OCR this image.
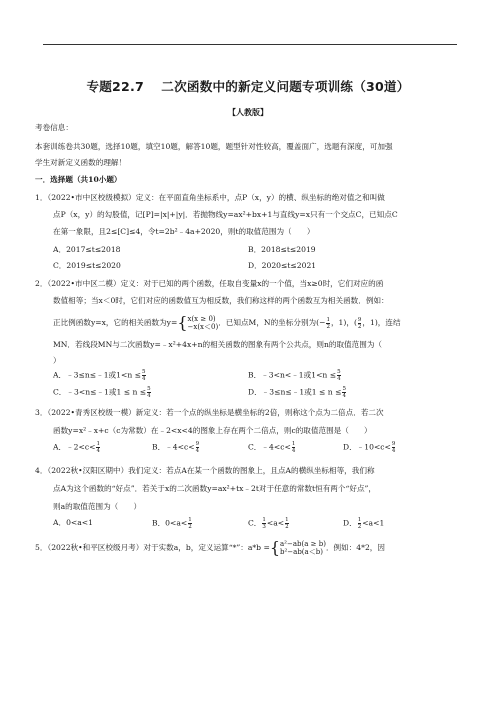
专题22.7　 二次函数中的新定义问题专项训练（30道）
【人教版】
考卷信息：
本套训练卷共30题，选择10题，填空10题，解答10题，题型针对性较高，覆盖面广，选题有深度，可加强
学生对新定义函数的理解！
一．选择题（共10小题）
1．（2022•市中区校级模拟）定义：在平面直角坐标系中，点P（x，y）的横、纵坐标的绝对值之和叫做
点P（x，y）的勾股值，记[P]=|x|+|y|．若抛物线y=ax²+bx+1与直线y=x只有一个交点C，已知点C
在第一象限，且2≤[C]≤4，令t=2b²﹣4a+2020，则t的取值范围为（　　）
A．2017≤t≤2018	B．2018≤t≤2019
C．2019≤t≤2020	D．2020≤t≤2021
2．（2022•市中区二模）定义：对于已知的两个函数，任取自变量x的一个值，当x≥0时，它们对应的函
数值相等；当x＜0时，它们对应的函数值互为相反数，我们称这样的两个函数互为相关函数．例如：
正比例函数y=x，它的相关函数为y={ x(x ≥ 0)
−x(x＜0) ．已知点M，N的坐标分别为(− $\frac{1}{2}$ ，1)，( $\frac{9}{2}$ ，1)，连结
MN．若线段MN与二次函数y=﹣x²+4x+n的相关函数的图象有两个公共点，则n的取值范围为（
）
A．﹣3≤n≤﹣1或$1<n \le \frac{5}{4}$	B．﹣3<n<﹣1或$1<n \le \frac{5}{4}$
C．﹣3<n≤﹣1或$1 \le n \le \frac{5}{4}$	D．﹣3≤n≤﹣1或$1 \le n \le \frac{5}{4}$
3．（2022•青秀区校级一模）新定义：若一个点的纵坐标是横坐标的2倍，则称这个点为二倍点．若二次
函数y=x²﹣x+c（c为常数）在﹣2<x<4的图象上存在两个二倍点，则c的取值范围是（　　）
A．﹣2<c< $\frac{1}{4}$	B．﹣4<c< $\frac{9}{4}$	C．﹣4<c< $\frac{1}{4}$	D．﹣10<c< $\frac{9}{4}$
4．（2022秋•汉阳区期中）我们定义：若点A在某一个函数的图象上，且点A的横纵坐标相等，我们称
点A为这个函数的“好点”．若关于x的二次函数y=ax²+tx﹣2t对于任意的常数t恒有两个“好点”，
则a的取值范围为（　　）
A．0<a<1	B．$0<a< \frac{1}{2}$	C． $\frac{1}{3} <a< \frac{1}{2}$	D． $\frac{1}{2} <a<1$
5．（2022秋•和平区校级月考）对于实数a，b，定义运算“*”：a*b ={ a²−ab(a ≥ b)
b²−ab(a＜b) ．例如：4*2，因
